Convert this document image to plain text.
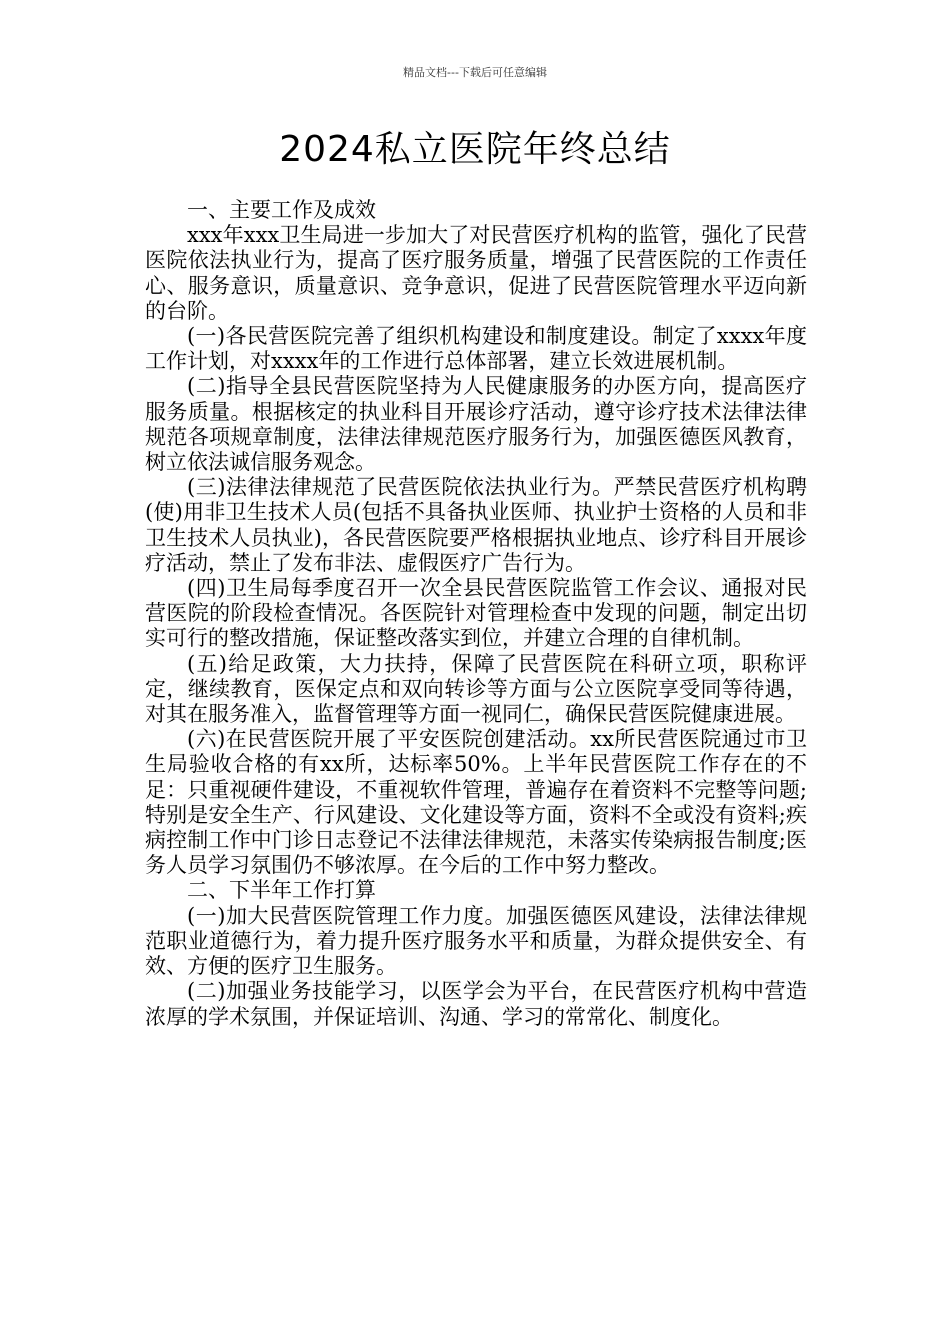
精品文档---下载后可任意编辑
2024私立医院年终总结

一、主要工作及成效

xxx年xxx卫生局进一步加大了对民营医疗机构的监管，强化了民营医院依法执业行为，提高了医疗服务质量，增强了民营医院的工作责任心、服务意识，质量意识、竞争意识，促进了民营医院管理水平迈向新的台阶。

(一)各民营医院完善了组织机构建设和制度建设。制定了xxxx年度工作计划，对xxxx年的工作进行总体部署，建立长效进展机制。

(二)指导全县民营医院坚持为人民健康服务的办医方向，提高医疗服务质量。根据核定的执业科目开展诊疗活动，遵守诊疗技术法律法律规范各项规章制度，法律法律规范医疗服务行为，加强医德医风教育，树立依法诚信服务观念。

(三)法律法律规范了民营医院依法执业行为。严禁民营医疗机构聘(使)用非卫生技术人员(包括不具备执业医师、执业护士资格的人员和非卫生技术人员执业)，各民营医院要严格根据执业地点、诊疗科目开展诊疗活动，禁止了发布非法、虚假医疗广告行为。

(四)卫生局每季度召开一次全县民营医院监管工作会议、通报对民营医院的阶段检查情况。各医院针对管理检查中发现的问题，制定出切实可行的整改措施，保证整改落实到位，并建立合理的自律机制。

(五)给足政策，大力扶持，保障了民营医院在科研立项，职称评定，继续教育，医保定点和双向转诊等方面与公立医院享受同等待遇，对其在服务准入，监督管理等方面一视同仁，确保民营医院健康进展。

(六)在民营医院开展了平安医院创建活动。xx所民营医院通过市卫生局验收合格的有xx所，达标率50%。上半年民营医院工作存在的不足：只重视硬件建设，不重视软件管理，普遍存在着资料不完整等问题;特别是安全生产、行风建设、文化建设等方面，资料不全或没有资料;疾病控制工作中门诊日志登记不法律法律规范，未落实传染病报告制度;医务人员学习氛围仍不够浓厚。在今后的工作中努力整改。

二、下半年工作打算

(一)加大民营医院管理工作力度。加强医德医风建设，法律法律规范职业道德行为，着力提升医疗服务水平和质量，为群众提供安全、有效、方便的医疗卫生服务。

(二)加强业务技能学习，以医学会为平台，在民营医疗机构中营造浓厚的学术氛围，并保证培训、沟通、学习的常常化、制度化。
